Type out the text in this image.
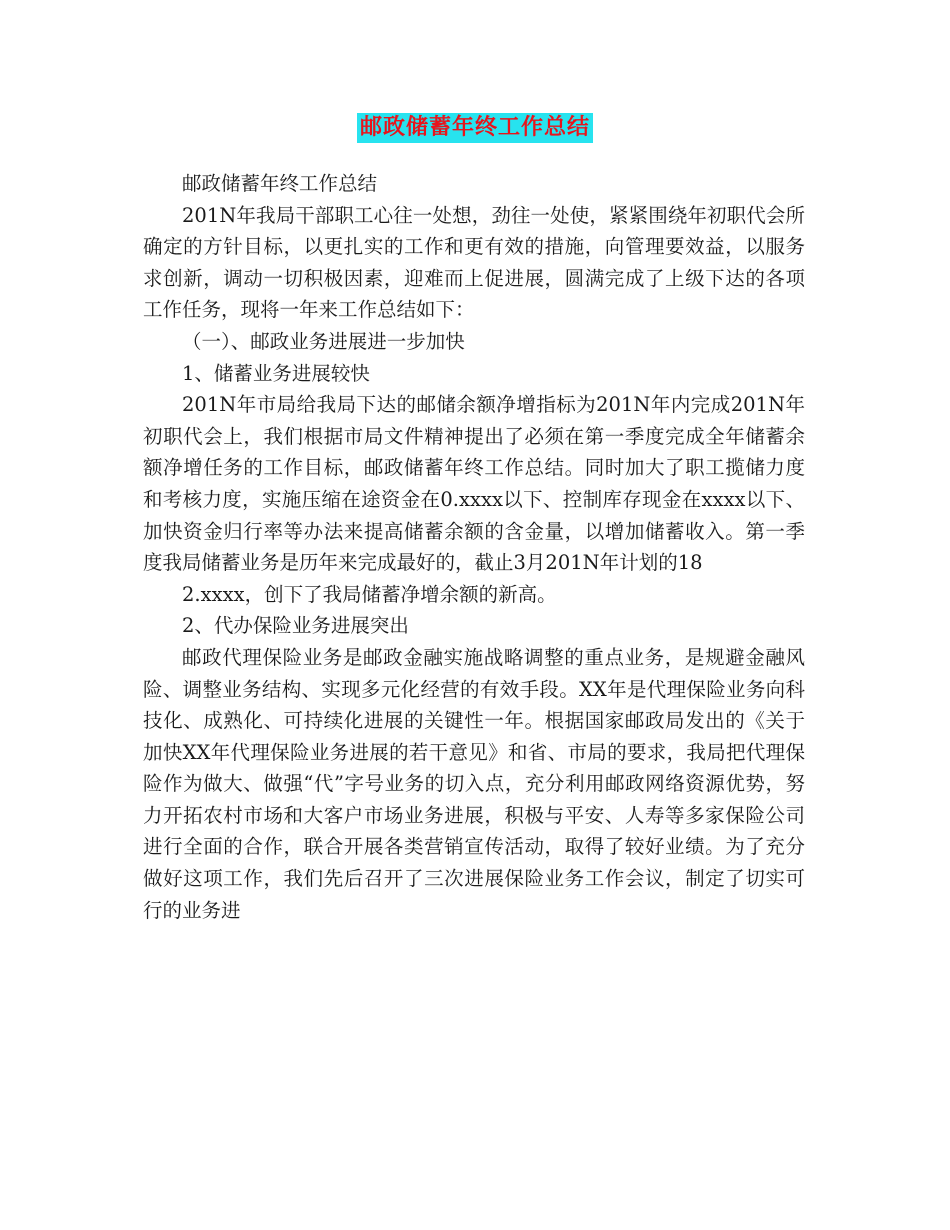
邮政储蓄年终工作总结

邮政储蓄年终工作总结

201N年我局干部职工心往一处想，劲往一处使，紧紧围绕年初职代会所确定的方针目标，以更扎实的工作和更有效的措施，向管理要效益，以服务求创新，调动一切积极因素，迎难而上促进展，圆满完成了上级下达的各项工作任务，现将一年来工作总结如下：

（一）、邮政业务进展进一步加快

1、储蓄业务进展较快

201N年市局给我局下达的邮储余额净增指标为201N年内完成201N年初职代会上，我们根据市局文件精神提出了必须在第一季度完成全年储蓄余额净增任务的工作目标，邮政储蓄年终工作总结。同时加大了职工揽储力度和考核力度，实施压缩在途资金在0.xxxx以下、控制库存现金在xxxx以下、加快资金归行率等办法来提高储蓄余额的含金量，以增加储蓄收入。第一季度我局储蓄业务是历年来完成最好的，截止3月201N年计划的18

2.xxxx，创下了我局储蓄净增余额的新高。

2、代办保险业务进展突出

邮政代理保险业务是邮政金融实施战略调整的重点业务，是规避金融风险、调整业务结构、实现多元化经营的有效手段。XX年是代理保险业务向科技化、成熟化、可持续化进展的关键性一年。根据国家邮政局发出的《关于加快XX年代理保险业务进展的若干意见》和省、市局的要求，我局把代理保险作为做大、做强“代”字号业务的切入点，充分利用邮政网络资源优势，努力开拓农村市场和大客户市场业务进展，积极与平安、人寿等多家保险公司进行全面的合作，联合开展各类营销宣传活动，取得了较好业绩。为了充分做好这项工作，我们先后召开了三次进展保险业务工作会议，制定了切实可行的业务进
